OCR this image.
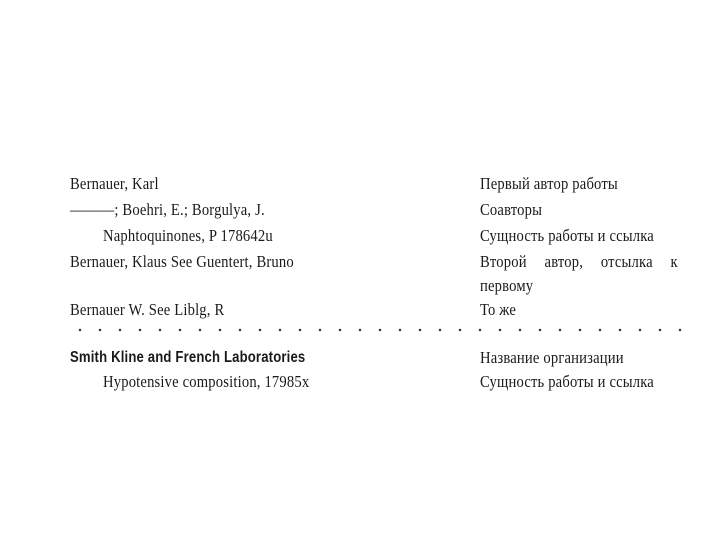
Bernauer, Karl	Первый автор работы
———; Boehri, E.; Borgulya, J.	Соавторы
Naphtoquinones, P 178642u	Сущность работы и ссылка
Bernauer, Klaus See Guentert, Bruno	Второй автор, отсылка к
первому
Bernauer W. See Liblg, R	То же
Smith Kline and French Laboratories	Название организации
Hypotensive composition, 17985x	Сущность работы и ссылка
